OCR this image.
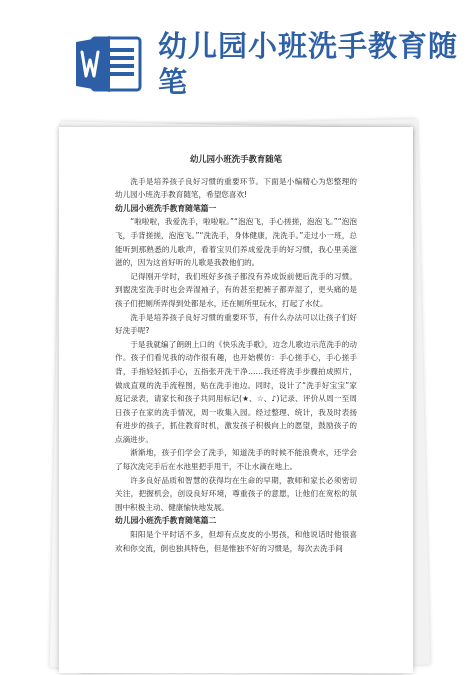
幼儿园小班洗手教育随笔
幼儿园小班洗手教育随笔

洗手是培养孩子良好习惯的重要环节。下面是小编精心为您整理的幼儿园小班洗手教育随笔，希望您喜欢!

幼儿园小班洗手教育随笔篇一

“啦啦啦，我爱洗手，啦啦啦。”“泡泡飞，手心搓搓，泡泡飞。”“泡泡飞，手背搓搓，泡泡飞。”“洗洗手，身体健康，洗洗手。”走过小一班，总能听到那熟悉的儿歌声，看着宝贝们养成爱洗手的好习惯，我心里美滋滋的，因为这首好听的儿歌是我教他们的。

记得刚开学时，我们班好多孩子都没有养成饭前便后洗手的习惯。到盥洗室洗手时也会弄湿袖子，有的甚至把裤子都弄湿了，更头痛的是孩子们把厕所弄得到处都是水，还在厕所里玩水，打起了水仗。

洗手是培养孩子良好习惯的重要环节，有什么办法可以让孩子们好好洗手呢?

于是我就编了朗朗上口的《快乐洗手歌》，边念儿歌边示范洗手的动作。孩子们看见我的动作很有趣，也开始模仿：手心搓手心，手心搓手背，手指轻轻抓手心，五指张开洗干净……我还将洗手步骤拍成照片，做成直观的洗手流程图，贴在洗手池边。同时，设计了“洗手好宝宝”家庭记录表，请家长和孩子共同用标记(★、☆、♪)记录、评价从周一至周日孩子在家的洗手情况，周一收集入园。经过整理、统计，我及时表扬有进步的孩子，抓住教育时机，激发孩子积极向上的愿望，鼓励孩子的点滴进步。

渐渐地，孩子们学会了洗手，知道洗手的时候不能浪费水，还学会了每次洗完手后在水池里把手甩干，不让水滴在地上。

许多良好品质和智慧的获得均在生命的早期，教师和家长必须密切关注，把握机会，创设良好环境，尊重孩子的意愿，让他们在宽松的氛围中积极主动、健康愉快地发展。

幼儿园小班洗手教育随笔篇二

阳阳是个平时话不多，但却有点皮皮的小男孩，和他说话时他很喜欢和你交流，倒也独具特色，但是惟独不好的习惯是，每次去洗手间
